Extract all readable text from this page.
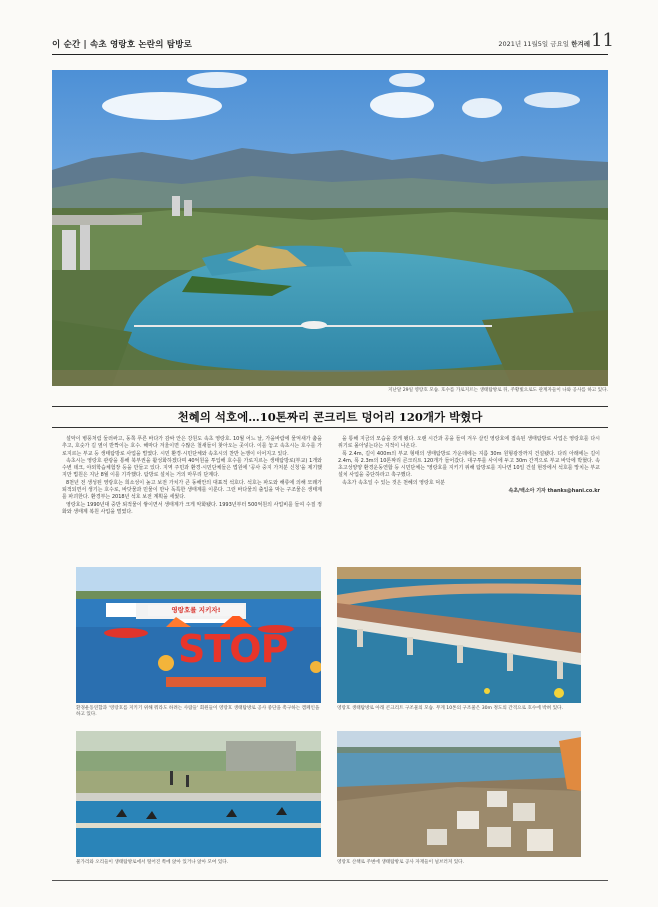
이 순간 | 속초 영랑호 논란의 탐방로	2021년 11월5일 금요일 한겨레 11
지난달 29일 영랑호 모습. 호수를 가로지르는 생태탐방로 뒤, 주황빛으로도 관계자들이 나와 공사를 하고 있다.
천혜의 석호에…10톤짜리 콘크리트 덩어리 120개가 박혔다

설악이 병풍처럼 둘러싸고, 동쪽 푸른 바다가 감싸 안은 강원도 속초 영랑호. 10월 어느 날, 가을바람에 물억새가 춤을 추고, 호숫가 길 옆이 반짝이는 호수. 해마다 겨울이면 수많은 철새들이 찾아오는 곳이다. 이를 놓고 속초시는 호수를 가로지르는 부교 등 생태탐방로 사업을 벌였다. 시민 환경·시민단체와 속초시의 찬반 논쟁이 이어지고 있다.

속초시는 영랑호 관광을 통해 북부권을 활성화하겠다며 40억원을 투입해 호수를 가로지르는 생태탐방로(부교) 1개와 수변 데크, 야외학습체험장 등을 만들고 있다. 지역 주민과 환경·시민단체들은 법원에 '공사 중지 가처분 신청'을 제기했지만 법원은 지난 8월 이를 기각했다. 탐방로 설치는 거의 마무리 단계다.

8천년 전 생성된 영랑호는 희소성이 높고 보전 가치가 큰 동해안의 대표적 석호다. 석호는 파도와 해류에 의해 모래가 퇴적되면서 생기는 호수로, 바닷물과 민물이 만나 독특한 생태계를 이룬다. 그런 바다물의 출입을 막는 구조물은 생태계를 파괴한다. 환경부는 2018년 석호 보전 계획을 세웠다.

영랑호는 1990년대 중반 퇴적물이 쌓이면서 생태계가 크게 악화됐다. 1993년부터 500억원의 사업비를 들여 수질 정화와 생태계 복원 사업을 벌였다.

을 통해 지금의 모습을 갖게 됐다. 오랜 시간과 공을 들여 겨우 살린 영랑호에 접속된 생태탐방로 사업은 영랑호를 다시 위기로 몰아넣는다는 지적이 나온다.

폭 2.4m, 길이 400m의 부교 형태의 생태탐방로 가운데에는 지름 30m 원형광장까지 건설됐다. 다리 아래에는 길이 2.4m, 폭 2.3m의 10톤짜리 콘크리트 120개가 들어갔다. 대구투를 사이에 두고 30m 간격으로 부교 바닥에 박혔다. 속초고성양양 환경운동연합 등 시민단체는 '영랑호를 지키기 위해 탐방로를 지나면 10일 건설 현장에서 석호를 망치는 부교 설치 사업을 중단하라고 촉구했다.

속초가 속초일 수 있는 것은 천혜의 영랑호 덕분

속초/백소아 기자 thanks@hani.co.kr

영랑호를 지키자!
STOP
환경운동연합과 '영랑호를 지키기 위해 뭐라도 하려는 사람들' 회원들이 영랑호 생태탐방로 공사 중단을 촉구하는 캠페인을 하고 있다.
영랑호 생태탐방로 아래 콘크리트 구조물의 모습. 무게 10톤의 구조물은 30m 정도의 간격으로 호수에 박혀 있다.
물가리와 오리들이 생태탐방로에서 떨어진 쪽에 앉아 있거나 앉아 모여 있다.	영랑호 산책로 주변에 생태탐방로 공사 자재들이 널브러져 있다.
